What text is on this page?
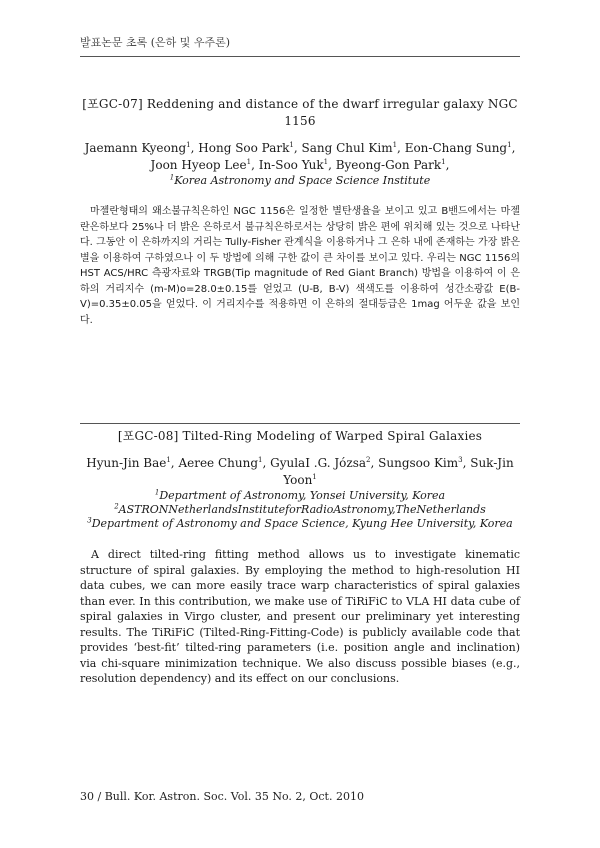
발표논문 초록 (은하 및 우주론)
[포GC-07] Reddening and distance of the dwarf irregular galaxy NGC 1156
Jaemann Kyeong$^1$, Hong Soo Park$^1$, Sang Chul Kim$^1$, Eon-Chang Sung$^1$,
Joon Hyeop Lee$^1$, In-Soo Yuk$^1$, Byeong-Gon Park$^1$,
$^1$Korea Astronomy and Space Science Institute
마젤란형태의 왜소불규칙은하인 NGC 1156은 일정한 별탄생율을 보이고 있고 B밴드에서는 마젤란은하보다 25%나 더 밝은 은하로서 불규칙은하로서는 상당히 밝은 편에 위치해 있는 것으로 나타난다. 그동안 이 은하까지의 거리는 Tully-Fisher 관계식을 이용하거나 그 은하 내에 존재하는 가장 밝은 별을 이용하여 구하였으나 이 두 방법에 의해 구한 값이 큰 차이를 보이고 있다. 우리는 NGC 1156의 HST ACS/HRC 측광자료와 TRGB(Tip magnitude of Red Giant Branch) 방법을 이용하여 이 은하의 거리지수 (m-M)o=28.0±0.15를 얻었고 (U-B, B-V) 색색도를 이용하여 성간소광값 E(B-V)=0.35±0.05을 얻었다. 이 거리지수를 적용하면 이 은하의 절대등급은 1mag 어두운 값을 보인다.
[포GC-08] Tilted-Ring Modeling of Warped Spiral Galaxies
Hyun-Jin Bae$^1$, Aeree Chung$^1$, GyulaI .G. Józsa$^2$, Sungsoo Kim$^3$, Suk-Jin Yoon$^1$
$^1$Department of Astronomy, Yonsei University, Korea
$^2$ASTRONNetherlandsInstituteforRadioAstronomy,TheNetherlands
$^3$Department of Astronomy and Space Science, Kyung Hee University, Korea
A direct tilted-ring fitting method allows us to investigate kinematic structure of spiral galaxies. By employing the method to high-resolution HI data cubes, we can more easily trace warp characteristics of spiral galaxies than ever. In this contribution, we make use of TiRiFiC to VLA HI data cube of spiral galaxies in Virgo cluster, and present our preliminary yet interesting results. The TiRiFiC (Tilted-Ring-Fitting-Code) is publicly available code that provides ‘best-fit’ tilted-ring parameters (i.e. position angle and inclination) via chi-square minimization technique. We also discuss possible biases (e.g., resolution dependency) and its effect on our conclusions.
30 / Bull. Kor. Astron. Soc. Vol. 35 No. 2, Oct. 2010
